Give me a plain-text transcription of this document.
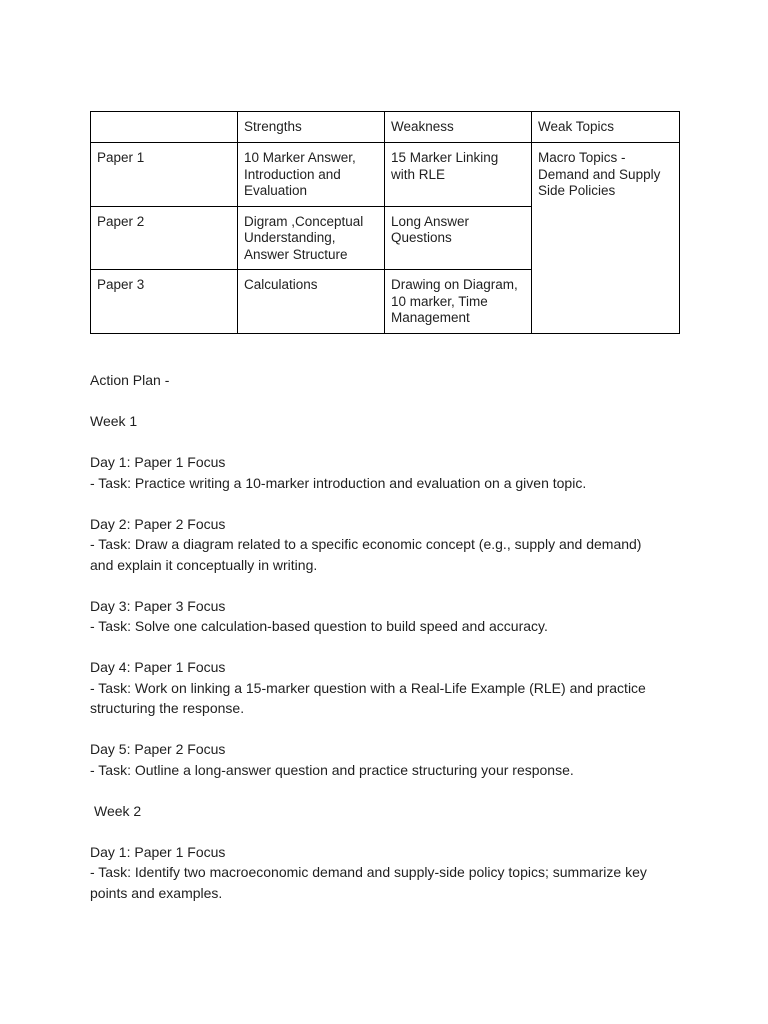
	Strengths	Weakness	Weak Topics

Paper 1	10 Marker Answer,
Introduction and
Evaluation	15 Marker Linking
with RLE	Macro Topics -
Demand and Supply
Side Policies

Paper 2	Digram ,Conceptual
Understanding,
Answer Structure	Long Answer
Questions	

Paper 3	Calculations	Drawing on Diagram,
10 marker, Time
Management	

Action Plan -

Week 1

Day 1: Paper 1 Focus

- Task: Practice writing a 10-marker introduction and evaluation on a given topic.

Day 2: Paper 2 Focus

- Task: Draw a diagram related to a specific economic concept (e.g., supply and demand)

and explain it conceptually in writing.

Day 3: Paper 3 Focus

- Task: Solve one calculation-based question to build speed and accuracy.

Day 4: Paper 1 Focus

- Task: Work on linking a 15-marker question with a Real-Life Example (RLE) and practice

structuring the response.

Day 5: Paper 2 Focus

- Task: Outline a long-answer question and practice structuring your response.

Week 2

Day 1: Paper 1 Focus

- Task: Identify two macroeconomic demand and supply-side policy topics; summarize key

points and examples.
